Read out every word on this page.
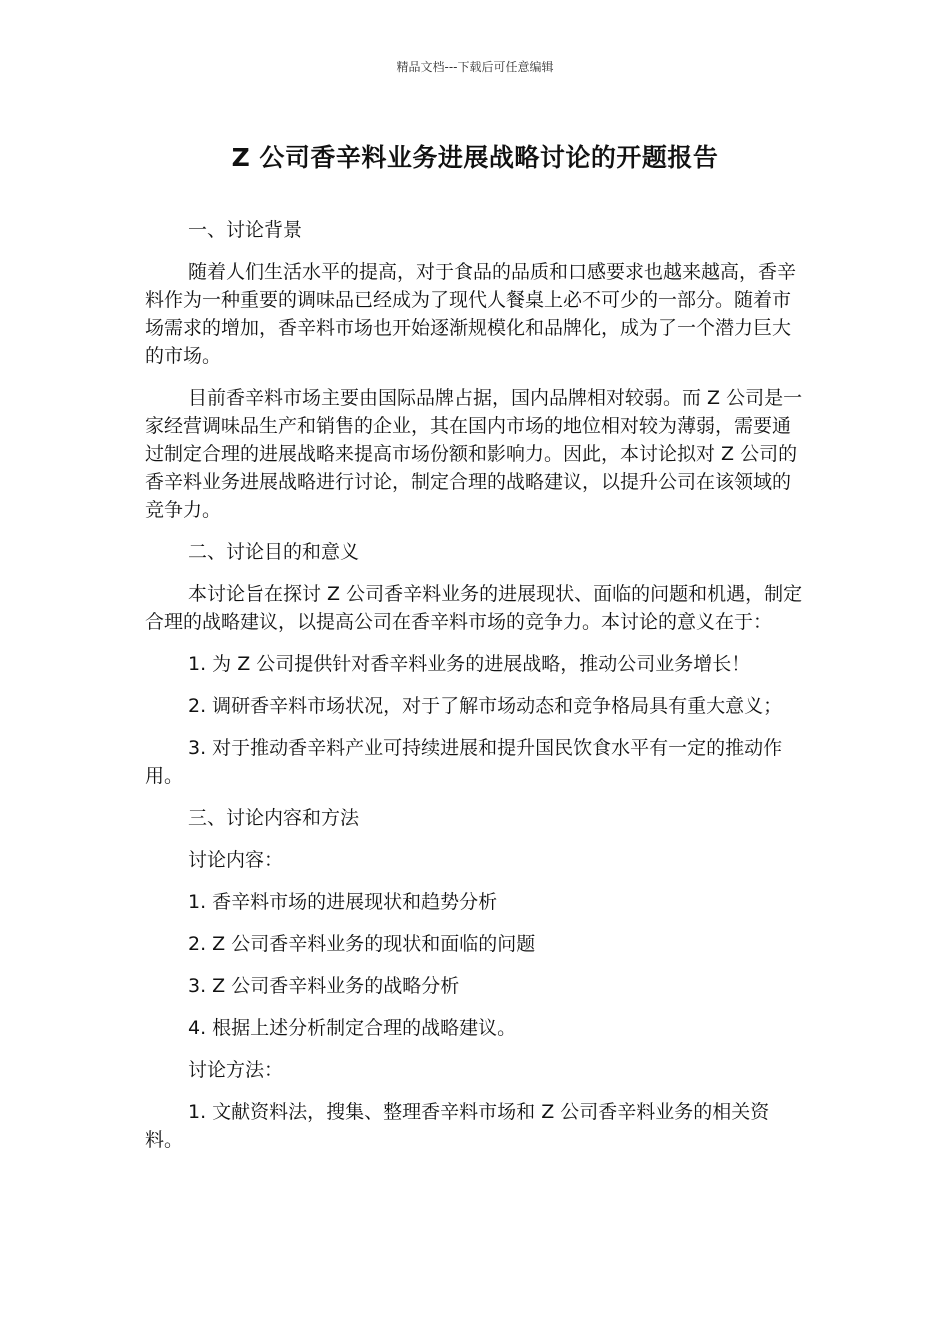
精品文档---下载后可任意编辑
Z 公司香辛料业务进展战略讨论的开题报告

一、讨论背景

随着人们生活水平的提高，对于食品的品质和口感要求也越来越高，香辛料作为一种重要的调味品已经成为了现代人餐桌上必不可少的一部分。随着市场需求的增加，香辛料市场也开始逐渐规模化和品牌化，成为了一个潜力巨大的市场。

目前香辛料市场主要由国际品牌占据，国内品牌相对较弱。而 Z 公司是一家经营调味品生产和销售的企业，其在国内市场的地位相对较为薄弱，需要通过制定合理的进展战略来提高市场份额和影响力。因此，本讨论拟对 Z 公司的香辛料业务进展战略进行讨论，制定合理的战略建议，以提升公司在该领域的竞争力。

二、讨论目的和意义

本讨论旨在探讨 Z 公司香辛料业务的进展现状、面临的问题和机遇，制定合理的战略建议，以提高公司在香辛料市场的竞争力。本讨论的意义在于：

1. 为 Z 公司提供针对香辛料业务的进展战略，推动公司业务增长！

2. 调研香辛料市场状况，对于了解市场动态和竞争格局具有重大意义；

3. 对于推动香辛料产业可持续进展和提升国民饮食水平有一定的推动作用。

三、讨论内容和方法

讨论内容：

1. 香辛料市场的进展现状和趋势分析

2. Z 公司香辛料业务的现状和面临的问题

3. Z 公司香辛料业务的战略分析

4. 根据上述分析制定合理的战略建议。

讨论方法：

1. 文献资料法，搜集、整理香辛料市场和 Z 公司香辛料业务的相关资料。
